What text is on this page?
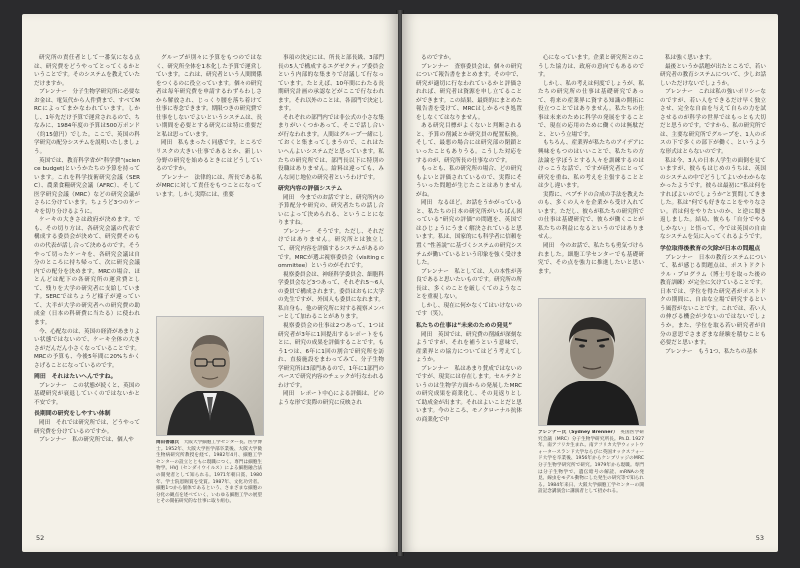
研究所の責任者として一番気になる点は、研究費をどうやってとってくるかということです。そのシステムを教えていただけますか。

ブレンナー　分子生物学研究所に必要なお金は、電気代から人件費まで、すべてMRCによってまかなわれています。しかし、1年先だけ予算で運営されるので、ちなみに、1984年度の予算は500万ポンド（約15億円）でした。ここで、英国の科学研究の配分システムを説明いたしましょう。

英国では、教育科学省が“科学費”(science budget)というかたちの予算を持っています。これを科学技術研究会議（SERC）、農業食糧研究会議（AFRC）、そして医学研究会議（MRC）などの研究会議がさらに分けています。ちょうど3つのケーキを切り分けるように。

ケーキの大きさは政府が決めます。でも、その切り方は、各研究会議の代表で構成する委員会が決めて、研究費そのものの代表が話し合って決めるのです。そうやって切ったケーキを、各研究会議は自分のところに持ち帰って、次に研究会議内での配分を決めます。MRCの場合、ほとんどは配下の各研究所の運営費として、残りを大学の研究者に支給しています。SERCではちょうど様子が違っていて、大半が大学の研究者への研究費の助成金（日本の科研費に当たる）に使われます。

今、心配なのは、英国の経済があまりよい状態ではないので、ケーキ全体の大きさがだんだん小さくなっていることです。MRCの予算も、今後5年間に20%ちかくさげることになっているのです。

岡田　それはたいへんですね。

ブレンナー　この状態が続くと、英国の基礎研究が衰退していくのではないかと不安です。

長期間の研究をしやすい体制

岡田　それでは研究所では、どうやって研究費を分けているのですか。

ブレンナー　私の研究所では、個人や

グループが別々に予算をもつのではなく、研究所全体を1本化した予算で運営しています。これは、研究者という人間関係をつくるのに役立っています。個々の研究者は毎年研究費を申請するわずらわしさから解放され、じっくり腰を落ち着けて仕事に専念できます。期限つきの研究費で仕事をしないでよいというシステムは、長い期間を必要とする研究には特に重要だと私は思っています。

岡田　私もまったく同感です。ところでリスクの大きい仕事であるとか、新しい分野の研究を始めるときにはどうしているのですか。

ブレンナー　法律的には、所長である私がMRCに対して責任をもつことになっています。しかし実際には、重要

事項の決定には、所長と部長級、3部門長の5人で構成するエグゼクティブ委員会という内部的な集まりで討議して行なっています。たとえば、10年間にわたる長期研究計画の承認などがここで行なわれます。それ以外のことは、各部門で決定します。

それぞれの部門内では非公式の小さな集まりがいくつかあって、そこで話し合いが行なわれます。人間はグループ一緒にしておくと集まってしまうので、これはたいへんよいシステムだと思っています。私たちの研究所では、部門長以下に特別の役職はありません。給料は違っても、みんな同じ地位の研究者というわけです。

研究内容の評価システム

岡田　今までのお話ですと、研究所内の予算配分や研究の、研究者たちの話し合いによって決められる、ということになりますね。

ブレンナー　そうです。ただし、それだけではありません。研究所とは独立して、研究内容を評価するシステムがあるのです。MRCが選ぶ視察委員会（visiting committee）というのがそれです。

視察委員会は、神経科学委員会、細胞科学委員会など3つあって、それぞれ5〜6人の委員で構成されます。委員はおもに大学の先生ですが、外国人も委員になれます。私自身も、他の研究所に対する視察メンバーとして加わることがあります。

視察委員会の仕事は2つあって、1つは研究者が3年に1回提出するレポートをもとに、研究の成果を評価することです。もう1つは、6年に1回の割合で研究所を訪れ、直接施設をまわってみて、分子生物学研究所は3部門あるので、1年に1部門のペースで研究内容のチェックが行なわれるわけです。

岡田　レポート中心による評価は、どのような形で実際の研究に反映され

岡田善雄氏　 大阪大学細胞工学センター長。医学博士。1952年、大阪大学医学部卒業後、大阪大学微生物病研究所教授を経て、1982年4月、細胞工学センターの設立とともに現職につく。専門は細胞生物学。HVJ（センダイウイルス）による細胞融合法の開発者として知られる。1971年朝日賞、1980年、学士院恩賜賞を受賞。1987年、文化功労者。細胞1つから個体であるという、さまざまな細胞の分化の観点を述べていく、いわゆる細胞工学の展望とその開拓研究的な仕事に取り組む。
52

るのですか。

ブレンナー　査察委員会は、個々の研究について報告書をまとめます。その中で、研究が適切に行なわれているかと評価されれば、研究者は資源を申し立てることができます。この結果、最終的にまとめた報告書を受けて、MRCはしかるべき処置をしなくてはなりません。

ある研究目標がよくないと判断されると、予算の削減とか研究員の配置転換。そして、最悪の場合には研究部の閉鎖といったこともありうる。こうした対応をするのが、研究所長の仕事なのです。

もっとも、私の研究所の場合、どの研究もよいと評価されているので、実際にそういった問題が生じたことはありませんがね。

岡田　なるほど。お話をうかがっていると、私たちの日本の研究所がいちばん困っている“研究の評価”の問題を、英国ではひじょうにうまく解決されていると思います。私は、国家的にも科学者に信頼を置く“性善説”に基づくシステムの研究システムが働いているという印象を強く受けました。

ブレンナー　私としては、人の本性が善良であると思いたいものです。研究所の所長は、多くのことを厳しくてのようなことを重視しない。

しかし、現在に何かなくてはいけないのです（笑）。

私たちの仕事は“未来のための発見”

岡田　英国では、研究費の削減が深刻なようですが、それを補うという意味で、産業界との協力についてはどう考えてしょうか。

ブレンナー　私はあまり賛成ではないのですが、現実には存在します。セルテクというのは生物学方面からの発展したMRCの研究成果を商業化し、その見返りとして助成金が出ます。それはよいことだと思います。今のところ、モノクローナル抗体の商業化で中

心になっています。企業と研究所とのこうした協力は、政府の意向でもあるのです。

しかし、私の考えは何度でしょうが、私たちの研究所の仕事は基礎研究であって、将来の産業界に資する知識の開拓に役立つことではありません。私たちの仕事は未来のために科学の発展をすることで、現在の応用のために働くのは無駄だと、という立場です。

もちろん、産業界が私たちのアイデアに興味をもつのはいいことで、私たちの方法論を学ぼうとする人々を訓練するのはけっこうな話で、ですが研究者にとって研究を重ね、私の考えを主張することとは少し違います。

実際に、ペプチドの合成の手法を教えたのも、多くの人々を企業から受け入れています。ただし、彼らが私たちの研究所での仕事は基礎研究で、彼らが働くことが私たちの利益になるというのではありません。

岡田　今のお話で、私たちも勇気づけられました。細胞工学センターでも基礎研究で、その点を強力に推進したいと思います。

私は強く思います。

最後というか話題が出たところで、若い研究者の教育システムについて、少しお話しいただけないでしょうか。

ブレンナー　これは私の強いポリシーなのですが、若い人をできるだけ早く独立させ、完全な自由を与えて自らの力を試させるのが科学の世界ではもっとも大切だと思うのです。ですから、私の研究所では、主要な研究所でグループを、1人のボスの下で多くの部下が働く、というような形式はとらないのです。

私は今、3人の日本人学生の面倒を見ていますが、彼らもはじめのうちは、英国のシステムの中でどうしてよいかわからなかったようです。彼らは最初に“私は何をすればよいのでしょうか”と質問してきました。私は“何でも好きなことをやりなさい。君は何をやりたいのか、と逆に聞き返しました。結局、彼らも「自分でやるしかない」と悟って、今では英国の自由なシステムを気に入ってくれるようです。

学位取得後教育の欠除が日本の問題点

ブレンナー　日本の教育システムについて、私が感じる問題点は、ポストドクトラル・プログラム（博士号を取った後の教育訓練）が完全に欠けていることです。日本では、学位を得た研究者がポストドクの期間に、自由な立場で研究するという風習がないことです。これでは、若い人の伸びる機会が少ないのではないでしょうか。また、学位を取る若い研究者が自分の意思でさまざまな経験を積むことも必要だと思います。

ブレンナー　もう1つ、私たちの基本

ブレンナー氏（Sydney Brenner）　 英国医学研究会議（MRC）分子生物学研究所長。Ph.D. 1927年、南アフリカ生まれ。南アフリカ大学ウィットウォータースランド大学ならびに英国オックスフォード大学を卒業後、1956年からケンブリッジのMRC分子生物学研究所で研究。1979年から現職。専門は分子生物学で、遺伝暗号の解読、mRNAの発見、線虫をモデル動物にした発生の研究等で知られる。1984年来日、大阪大学細胞工学センターの開設記念講演会に講演者として招かれる。
53
